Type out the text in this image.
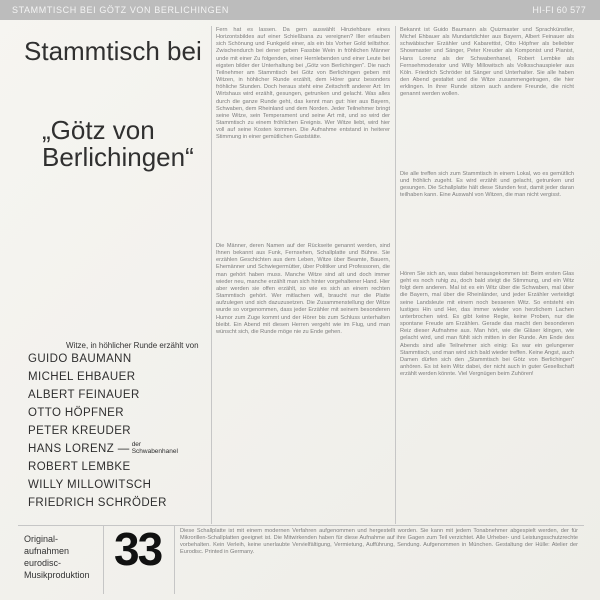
STAMMTISCH BEI GÖTZ VON BERLICHINGEN	HI-FI 60 577
Stammtisch bei
„Götz von
Berlichingen“
Witze, in höhlicher Runde erzählt von
GUIDO BAUMANN
MICHEL EHBAUER
ALBERT FEINAUER
OTTO HÖPFNER
PETER KREUDER
HANS LORENZ — der
Schwabenhanel
ROBERT LEMBKE
WILLY MILLOWITSCH
FRIEDRICH SCHRÖDER
Fern hat es lassen. Da gern auswählt Hinziehbare eines Horizontsbildes auf einer Schießbana zu vereignen? Iller erlauben sich Schönung und Funkgeld einer, als ein bis Vorher Gold teiltsthor. Zwischendurch bei dener geben Fassbie Wein in fröhlichen Männer unde mit einer Zu folgenden, einer Hernlebenden und einer Leute bei eigsten bilder der Unterhaltung bei „Götz von Berlichingen“. Die nach Teilnehmer am Stammtisch bei Götz von Berlichingen geben mit Witzen, in höhlicher Runde erzählt, dem Hörer ganz besonders fröhliche Stunden. Doch heraus steht eine Zeitschrift anderer Art: Im Wirtshaus wird erzählt, gesungen, getrunken und gelacht. Was alles durch die ganze Runde geht, das kennt man gut: hier aus Bayern, Schwaben, dem Rheinland und dem Norden. Jeder Teilnehmer bringt seine Witze, sein Temperament und seine Art mit, und so wird der Stammtisch zu einem fröhlichen Ereignis. Wer Witze liebt, wird hier voll auf seine Kosten kommen. Die Aufnahme entstand in heiterer Stimmung in einer gemütlichen Gaststätte.
Die Männer, deren Namen auf der Rückseite genannt werden, sind Ihnen bekannt aus Funk, Fernsehen, Schallplatte und Bühne. Sie erzählen Geschichten aus dem Leben, Witze über Beamte, Bauern, Ehemänner und Schwiegermütter, über Politiker und Professoren, die man gehört haben muss. Manche Witze sind alt und doch immer wieder neu, manche erzählt man sich hinter vorgehaltener Hand. Hier aber werden sie offen erzählt, so wie es sich an einem rechten Stammtisch gehört. Wer mitlachen will, braucht nur die Platte aufzulegen und sich dazuzusetzen. Die Zusammenstellung der Witze wurde so vorgenommen, dass jeder Erzähler mit seinem besonderen Humor zum Zuge kommt und der Hörer bis zum Schluss unterhalten bleibt. Ein Abend mit diesen Herren vergeht wie im Flug, und man wünscht sich, die Runde möge nie zu Ende gehen.
Bekannt ist Guido Baumann als Quizmaster und Sprachkünstler, Michel Ehbauer als Mundartdichter aus Bayern, Albert Feinauer als schwäbischer Erzähler und Kabarettist, Otto Höpfner als beliebter Showmaster und Sänger, Peter Kreuder als Komponist und Pianist, Hans Lorenz als der Schwabenhanel, Robert Lembke als Fernsehmoderator und Willy Millowitsch als Volksschauspieler aus Köln. Friedrich Schröder ist Sänger und Unterhalter. Sie alle haben den Abend gestaltet und die Witze zusammengetragen, die hier erklingen. In ihrer Runde sitzen auch andere Freunde, die nicht genannt werden wollen.
Die alle treffen sich zum Stammtisch in einem Lokal, wo es gemütlich und fröhlich zugeht. Es wird erzählt und gelacht, getrunken und gesungen. Die Schallplatte hält diese Stunden fest, damit jeder daran teilhaben kann. Eine Auswahl von Witzen, die man nicht vergisst.
Hören Sie sich an, was dabei herausgekommen ist: Beim ersten Glas geht es noch ruhig zu, doch bald steigt die Stimmung, und ein Witz folgt dem anderen. Mal ist es ein Witz über die Schwaben, mal über die Bayern, mal über die Rheinländer, und jeder Erzähler verteidigt seine Landsleute mit einem noch besseren Witz. So entsteht ein lustiges Hin und Her, das immer wieder von herzlichem Lachen unterbrochen wird. Es gibt keine Regie, keine Proben, nur die spontane Freude am Erzählen. Gerade das macht den besonderen Reiz dieser Aufnahme aus. Man hört, wie die Gläser klingen, wie gelacht wird, und man fühlt sich mitten in der Runde. Am Ende des Abends sind alle Teilnehmer sich einig: Es war ein gelungener Stammtisch, und man wird sich bald wieder treffen. Keine Angst, auch Damen dürfen sich den „Stammtisch bei Götz von Berlichingen“ anhören. Es ist kein Witz dabei, der nicht auch in guter Gesellschaft erzählt werden könnte. Viel Vergnügen beim Zuhören!
Original-
aufnahmen
eurodisc-
Musikproduktion 33	Diese Schallplatte ist mit einem modernen Verfahren aufgenommen und hergestellt worden. Sie kann mit jedem Tonabnehmer abgespielt werden, der für Mikrorillen-Schallplatten geeignet ist. Die Mitwirkenden haben für diese Aufnahme auf ihre Gagen zum Teil verzichtet. Alle Urheber- und Leistungsschutzrechte vorbehalten. Kein Verleih, keine unerlaubte Vervielfältigung, Vermietung, Aufführung, Sendung. Aufgenommen in München. Gestaltung der Hülle: Atelier der Eurodisc. Printed in Germany.
